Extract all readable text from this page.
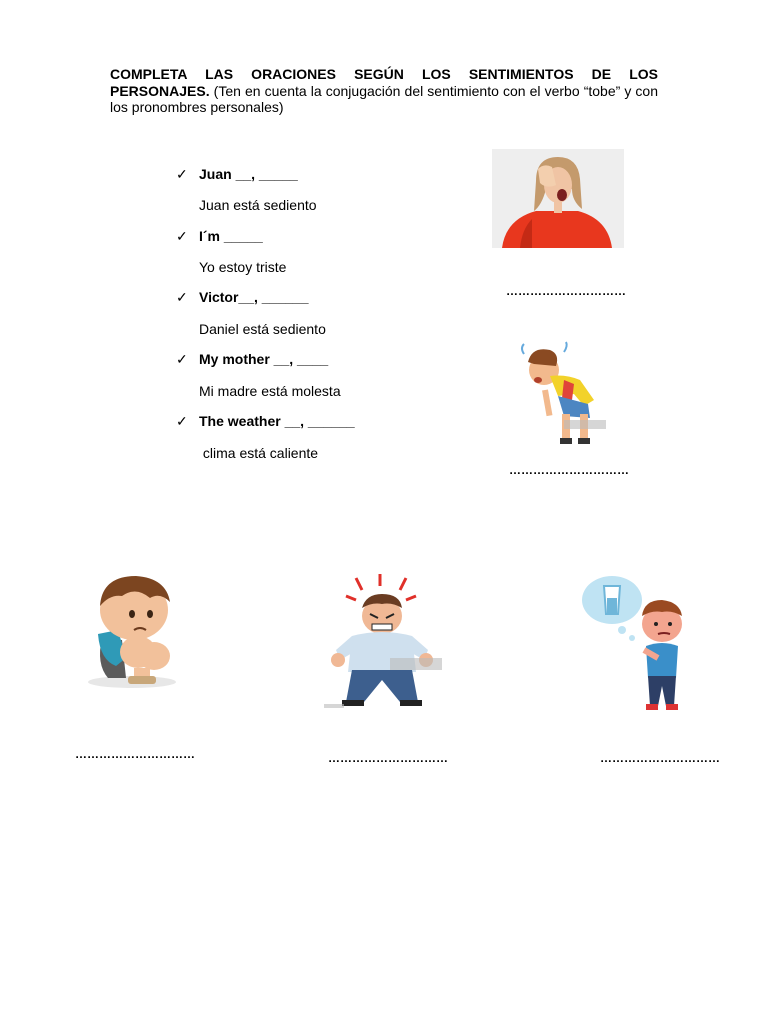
COMPLETA LAS ORACIONES SEGÚN LOS SENTIMIENTOS DE LOS PERSONAJES. (Ten en cuenta la conjugación del sentimiento con el verbo “tobe” y con los pronombres personales)
✓ Juan __, _____
Juan está sediento
✓ I´m _____
Yo estoy triste
✓ Victor__, ______
Daniel está sediento
✓ My mother __, ____
Mi madre está molesta
✓ The weather __, ______
clima está caliente
…………………………
…………………………
…………………………	…………………………	…………………………
